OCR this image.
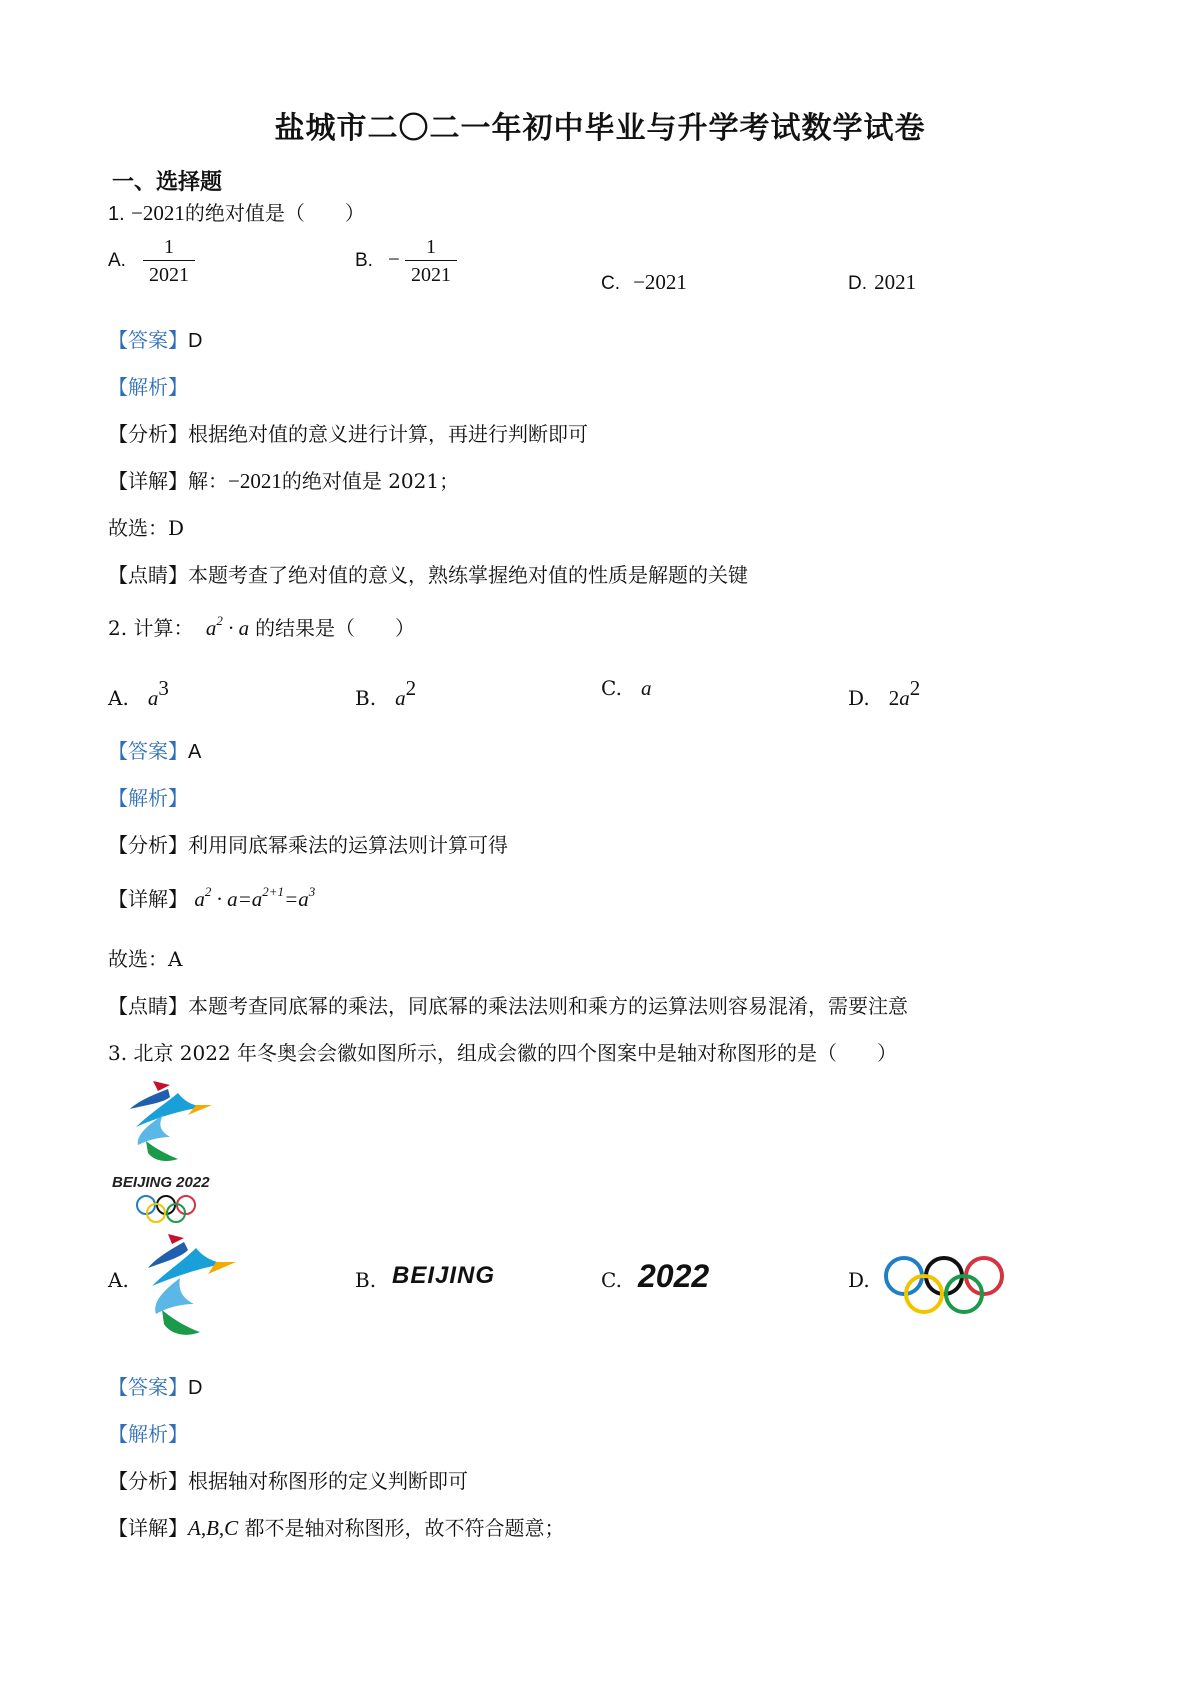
盐城市二〇二一年初中毕业与升学考试数学试卷
一、选择题
1. −2021的绝对值是（　　）
A. $\frac{1}{2021}$	B. − $\frac{1}{2021}$	C. −2021	D. 2021
【答案】D
【解析】
【分析】根据绝对值的意义进行计算，再进行判断即可
【详解】解：−2021的绝对值是 2021；
故选：D
【点睛】本题考查了绝对值的意义，熟练掌握绝对值的性质是解题的关键
2. 计算： $a^2 \cdot a$ 的结果是（　　）
A. $a^3$	B. $a^2$	C. a	D. $2a^2$
【答案】A
【解析】
【分析】利用同底幂乘法的运算法则计算可得
【详解】 $a^2 \cdot a=a^{2+1}=a^3$
故选：A
【点睛】本题考查同底幂的乘法，同底幂的乘法法则和乘方的运算法则容易混淆，需要注意
3. 北京 2022 年冬奥会会徽如图所示，组成会徽的四个图案中是轴对称图形的是（　　）
BEIJING 2022
A.	B. BEIJING	C. 2022	D.
【答案】D
【解析】
【分析】根据轴对称图形的定义判断即可
【详解】A,B,C 都不是轴对称图形，故不符合题意；
